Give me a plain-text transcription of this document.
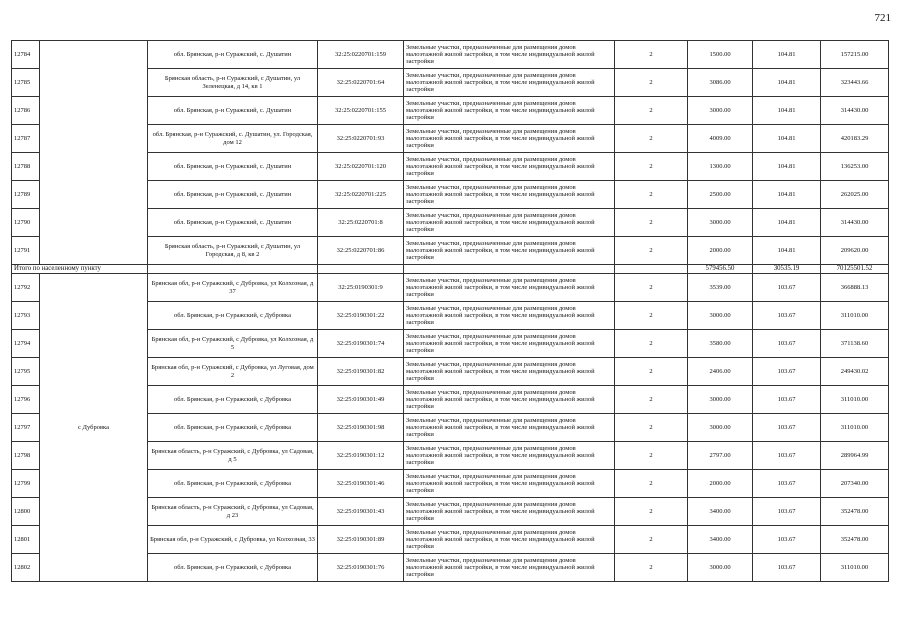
721
12784		обл. Брянская, р-н Суражский, с. Душатин	32:25:0220701:159	Земельные участки, предназначенные для размещения домов малоэтажной жилой застройки, в том числе индивидуальной жилой застройки	2	1500.00	104.81	157215.00
12785		Брянская область, р-н Суражский, с Душатин, ул Зеленецкая, д 14, кв 1	32:25:0220701:64	Земельные участки, предназначенные для размещения домов малоэтажной жилой застройки, в том числе индивидуальной жилой застройки	2	3086.00	104.81	323443.66
12786		обл. Брянская, р-н Суражский, с. Душатин	32:25:0220701:155	Земельные участки, предназначенные для размещения домов малоэтажной жилой застройки, в том числе индивидуальной жилой застройки	2	3000.00	104.81	314430.00
12787		обл. Брянская, р-н Суражский, с. Душатин, ул. Городская, дом 12	32:25:0220701:93	Земельные участки, предназначенные для размещения домов малоэтажной жилой застройки, в том числе индивидуальной жилой застройки	2	4009.00	104.81	420183.29
12788		обл. Брянская, р-н Суражский, с. Душатин	32:25:0220701:120	Земельные участки, предназначенные для размещения домов малоэтажной жилой застройки, в том числе индивидуальной жилой застройки	2	1300.00	104.81	136253.00
12789		обл. Брянская, р-н Суражский, с. Душатин	32:25:0220701:225	Земельные участки, предназначенные для размещения домов малоэтажной жилой застройки, в том числе индивидуальной жилой застройки	2	2500.00	104.81	262025.00
12790		обл. Брянская, р-н Суражский, с. Душатин	32:25:0220701:8	Земельные участки, предназначенные для размещения домов малоэтажной жилой застройки, в том числе индивидуальной жилой застройки	2	3000.00	104.81	314430.00
12791		Брянская область, р-н Суражский, с Душатин, ул Городская, д 8, кв 2	32:25:0220701:86	Земельные участки, предназначенные для размещения домов малоэтажной жилой застройки, в том числе индивидуальной жилой застройки	2	2000.00	104.81	209620.00
Итого по населенному пункту						579456.50	30535.19	70125501.52
12792	с Дубровка	Брянская обл, р-н Суражский, с Дубровка, ул Колхозная, д 37	32:25:0190301:9	Земельные участки, предназначенные для размещения домов малоэтажной жилой застройки, в том числе индивидуальной жилой застройки	2	3539.00	103.67	366888.13
12793		обл. Брянская, р-н Суражский, с Дубровка	32:25:0190301:22	Земельные участки, предназначенные для размещения домов малоэтажной жилой застройки, в том числе индивидуальной жилой застройки	2	3000.00	103.67	311010.00
12794		Брянская обл, р-н Суражский, с Дубровка, ул Колхозная, д 5	32:25:0190301:74	Земельные участки, предназначенные для размещения домов малоэтажной жилой застройки, в том числе индивидуальной жилой застройки	2	3580.00	103.67	371138.60
12795		Брянская обл, р-н Суражский, с Дубровка, ул Луговая, дом 2	32:25:0190301:82	Земельные участки, предназначенные для размещения домов малоэтажной жилой застройки, в том числе индивидуальной жилой застройки	2	2406.00	103.67	249430.02
12796		обл. Брянская, р-н Суражский, с Дубровка	32:25:0190301:49	Земельные участки, предназначенные для размещения домов малоэтажной жилой застройки, в том числе индивидуальной жилой застройки	2	3000.00	103.67	311010.00
12797		обл. Брянская, р-н Суражский, с Дубровка	32:25:0190301:98	Земельные участки, предназначенные для размещения домов малоэтажной жилой застройки, в том числе индивидуальной жилой застройки	2	3000.00	103.67	311010.00
12798		Брянская область, р-н Суражский, с Дубровка, ул Садовая, д 5	32:25:0190301:12	Земельные участки, предназначенные для размещения домов малоэтажной жилой застройки, в том числе индивидуальной жилой застройки	2	2797.00	103.67	289964.99
12799		обл. Брянская, р-н Суражский, с Дубровка	32:25:0190301:46	Земельные участки, предназначенные для размещения домов малоэтажной жилой застройки, в том числе индивидуальной жилой застройки	2	2000.00	103.67	207340.00
12800		Брянская область, р-н Суражский, с Дубровка, ул Садовая, д 23	32:25:0190301:43	Земельные участки, предназначенные для размещения домов малоэтажной жилой застройки, в том числе индивидуальной жилой застройки	2	3400.00	103.67	352478.00
12801		Брянская обл, р-н Суражский, с Дубровка, ул Колхозная, 33	32:25:0190301:89	Земельные участки, предназначенные для размещения домов малоэтажной жилой застройки, в том числе индивидуальной жилой застройки	2	3400.00	103.67	352478.00
12802		обл. Брянская, р-н Суражский, с Дубровка	32:25:0190301:76	Земельные участки, предназначенные для размещения домов малоэтажной жилой застройки, в том числе индивидуальной жилой застройки	2	3000.00	103.67	311010.00
